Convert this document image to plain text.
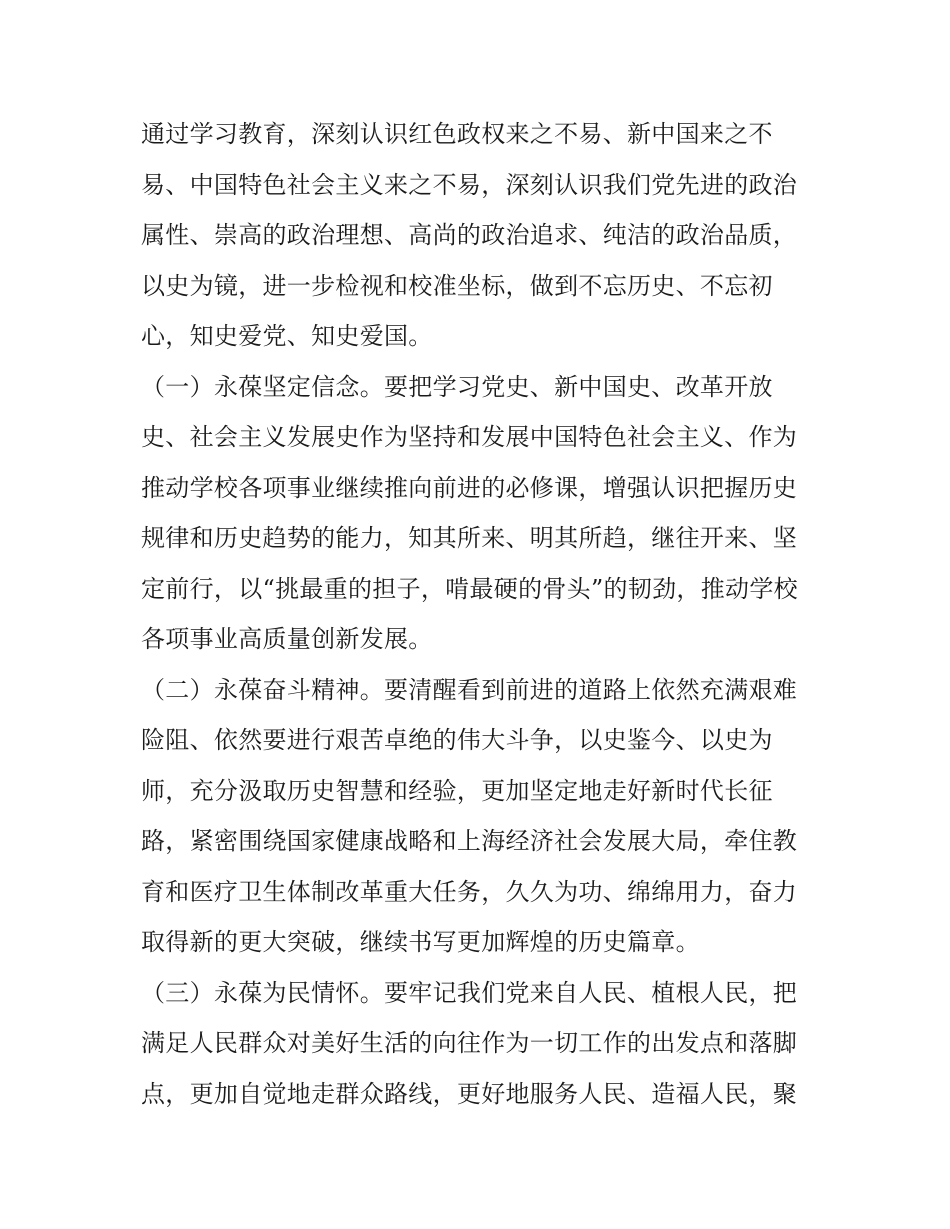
通过学习教育，深刻认识红色政权来之不易、新中国来之不
易、中国特色社会主义来之不易，深刻认识我们党先进的政治
属性、崇高的政治理想、高尚的政治追求、纯洁的政治品质，
以史为镜，进一步检视和校准坐标，做到不忘历史、不忘初
心，知史爱党、知史爱国。
（一）永葆坚定信念。要把学习党史、新中国史、改革开放
史、社会主义发展史作为坚持和发展中国特色社会主义、作为
推动学校各项事业继续推向前进的必修课，增强认识把握历史
规律和历史趋势的能力，知其所来、明其所趋，继往开来、坚
定前行，以“挑最重的担子，啃最硬的骨头”的韧劲，推动学校
各项事业高质量创新发展。
（二）永葆奋斗精神。要清醒看到前进的道路上依然充满艰难
险阻、依然要进行艰苦卓绝的伟大斗争，以史鉴今、以史为
师，充分汲取历史智慧和经验，更加坚定地走好新时代长征
路，紧密围绕国家健康战略和上海经济社会发展大局，牵住教
育和医疗卫生体制改革重大任务，久久为功、绵绵用力，奋力
取得新的更大突破，继续书写更加辉煌的历史篇章。
（三）永葆为民情怀。要牢记我们党来自人民、植根人民，把
满足人民群众对美好生活的向往作为一切工作的出发点和落脚
点，更加自觉地走群众路线，更好地服务人民、造福人民，聚
